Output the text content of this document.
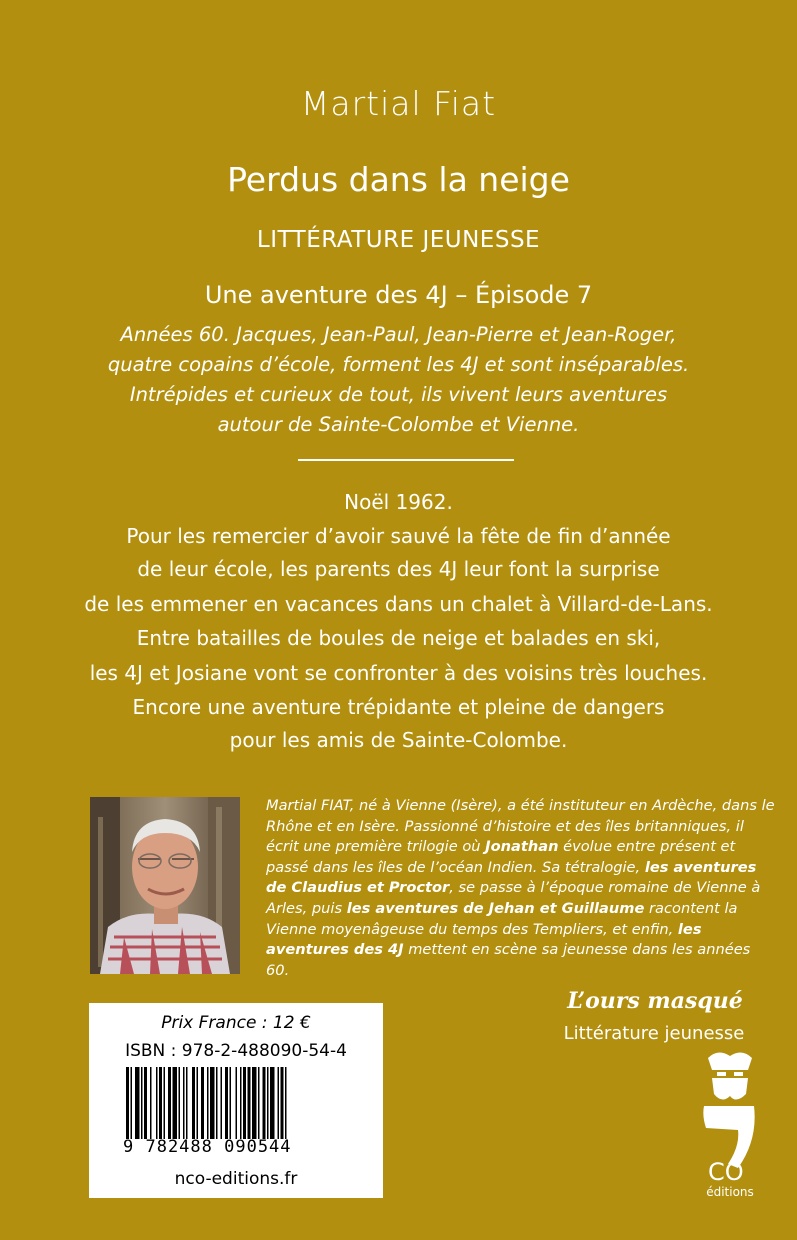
Martial Fiat
Perdus dans la neige
LITTÉRATURE JEUNESSE
Une aventure des 4J – Épisode 7
Années 60. Jacques, Jean-Paul, Jean-Pierre et Jean-Roger,
quatre copains d’école, forment les 4J et sont inséparables.
Intrépides et curieux de tout, ils vivent leurs aventures
autour de Sainte-Colombe et Vienne.
Noël 1962.
Pour les remercier d’avoir sauvé la fête de fin d’année
de leur école, les parents des 4J leur font la surprise
de les emmener en vacances dans un chalet à Villard-de-Lans.
Entre batailles de boules de neige et balades en ski,
les 4J et Josiane vont se confronter à des voisins très louches.
Encore une aventure trépidante et pleine de dangers
pour les amis de Sainte-Colombe.
Martial FIAT, né à Vienne (Isère), a été instituteur en Ardèche, dans le Rhône et en Isère. Passionné d’histoire et des îles britanniques, il écrit une première trilogie où Jonathan évolue entre présent et passé dans les îles de l’océan Indien. Sa tétralogie, les aventures de Claudius et Proctor, se passe à l’époque romaine de Vienne à Arles, puis les aventures de Jehan et Guillaume racontent la Vienne moyenâgeuse du temps des Templiers, et enfin, les aventures des 4J mettent en scène sa jeunesse dans les années 60.
Prix France : 12 €
ISBN : 978-2-488090-54-4
9 782488 090544
nco-editions.fr
L’ours masqué
Littérature jeunesse
CO
éditions
